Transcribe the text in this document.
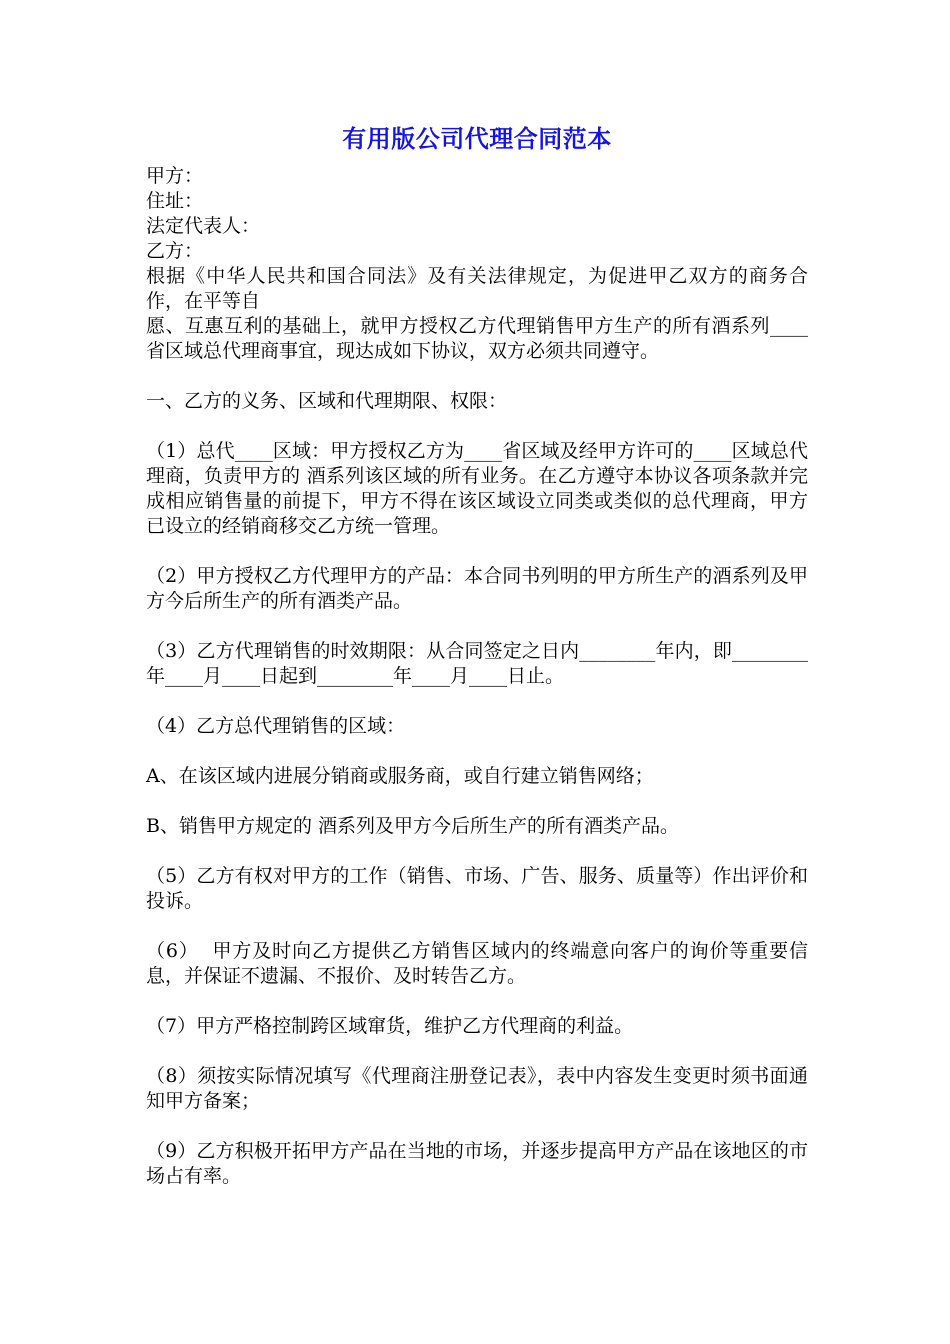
有用版公司代理合同范本
甲方：
住址：
法定代表人：
乙方：

根据《中华人民共和国合同法》及有关法律规定，为促进甲乙双方的商务合作，在平等自

愿、互惠互利的基础上，就甲方授权乙方代理销售甲方生产的所有酒系列____省区域总代理商事宜，现达成如下协议，双方必须共同遵守。

一、乙方的义务、区域和代理期限、权限：

（1）总代____区域：甲方授权乙方为____省区域及经甲方许可的____区域总代理商，负责甲方的 酒系列该区域的所有业务。在乙方遵守本协议各项条款并完成相应销售量的前提下，甲方不得在该区域设立同类或类似的总代理商，甲方已设立的经销商移交乙方统一管理。

（2）甲方授权乙方代理甲方的产品：本合同书列明的甲方所生产的酒系列及甲方今后所生产的所有酒类产品。

（3）乙方代理销售的时效期限：从合同签定之日内________年内，即________年____月____日起到________年____月____日止。

（4）乙方总代理销售的区域：

A、在该区域内进展分销商或服务商，或自行建立销售网络；

B、销售甲方规定的 酒系列及甲方今后所生产的所有酒类产品。

（5）乙方有权对甲方的工作（销售、市场、广告、服务、质量等）作出评价和投诉。

（6）  甲方及时向乙方提供乙方销售区域内的终端意向客户的询价等重要信息，并保证不遗漏、不报价、及时转告乙方。

（7）甲方严格控制跨区域窜货，维护乙方代理商的利益。

（8）须按实际情况填写《代理商注册登记表》，表中内容发生变更时须书面通知甲方备案；

（9）乙方积极开拓甲方产品在当地的市场，并逐步提高甲方产品在该地区的市场占有率。
